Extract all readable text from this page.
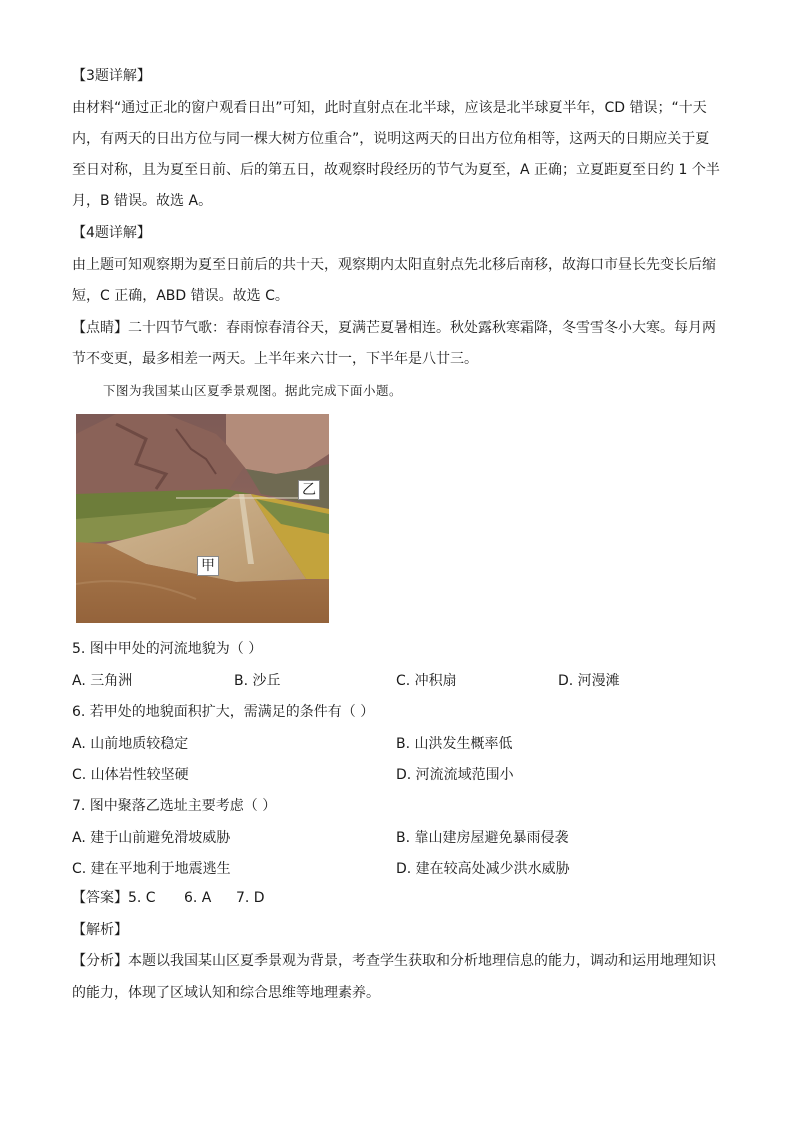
【3题详解】
由材料“通过正北的窗户观看日出”可知，此时直射点在北半球，应该是北半球夏半年，CD 错误；“十天
内，有两天的日出方位与同一棵大树方位重合”，说明这两天的日出方位角相等，这两天的日期应关于夏
至日对称，且为夏至日前、后的第五日，故观察时段经历的节气为夏至，A 正确；立夏距夏至日约 1 个半
月，B 错误。故选 A。
【4题详解】
由上题可知观察期为夏至日前后的共十天，观察期内太阳直射点先北移后南移，故海口市昼长先变长后缩
短，C 正确，ABD 错误。故选 C。
【点睛】二十四节气歌：春雨惊春清谷天，夏满芒夏暑相连。秋处露秋寒霜降，冬雪雪冬小大寒。每月两
节不变更，最多相差一两天。上半年来六廿一，下半年是八廿三。
下图为我国某山区夏季景观图。据此完成下面小题。
乙
甲
5. 图中甲处的河流地貌为（ ）
A. 三角洲	B. 沙丘	C. 冲积扇	D. 河漫滩
6. 若甲处的地貌面积扩大，需满足的条件有（ ）
A. 山前地质较稳定	B. 山洪发生概率低
C. 山体岩性较坚硬	D. 河流流域范围小
7. 图中聚落乙选址主要考虑（ ）
A. 建于山前避免滑坡威胁	B. 靠山建房屋避免暴雨侵袭
C. 建在平地利于地震逃生	D. 建在较高处减少洪水威胁
【答案】5. C 6. A 7. D
【解析】
【分析】本题以我国某山区夏季景观为背景，考查学生获取和分析地理信息的能力，调动和运用地理知识
的能力，体现了区域认知和综合思维等地理素养。
